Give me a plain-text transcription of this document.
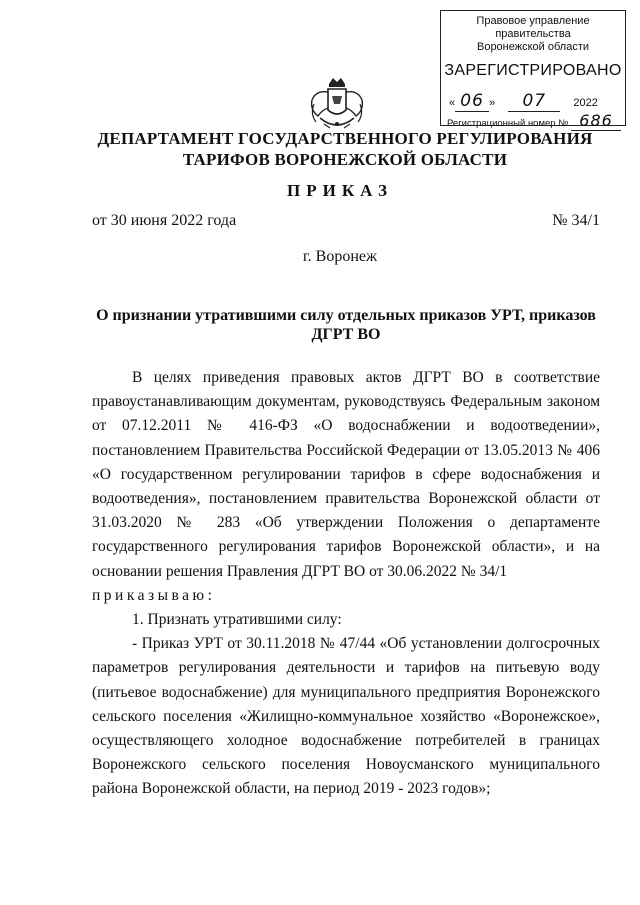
Правовое управление правительства
Воронежской области
ЗАРЕГИСТРИРОВАНО
« 06 » 07 2022
Регистрационный номер № 686
ДЕПАРТАМЕНТ ГОСУДАРСТВЕННОГО РЕГУЛИРОВАНИЯ ТАРИФОВ ВОРОНЕЖСКОЙ ОБЛАСТИ
ПРИКАЗ
от 30 июня 2022 года	№ 34/1
г. Воронеж
О признании утратившими силу отдельных приказов УРТ, приказов ДГРТ ВО

В целях приведения правовых актов ДГРТ ВО в соответствие правоустанавливающим документам, руководствуясь Федеральным законом от 07.12.2011 № 416-ФЗ «О водоснабжении и водоотведении», постановлением Правительства Российской Федерации от 13.05.2013 № 406 «О государственном регулировании тарифов в сфере водоснабжения и водоотведения», постановлением правительства Воронежской области от 31.03.2020 № 283 «Об утверждении Положения о департаменте государственного регулирования тарифов Воронежской области», и на основании решения Правления ДГРТ ВО от 30.06.2022 № 34/1

приказываю:

1. Признать утратившими силу:

- Приказ УРТ от 30.11.2018 № 47/44 «Об установлении долгосрочных параметров регулирования деятельности и тарифов на питьевую воду (питьевое водоснабжение) для муниципального предприятия Воронежского сельского поселения «Жилищно-коммунальное хозяйство «Воронежское», осуществляющего холодное водоснабжение потребителей в границах Воронежского сельского поселения Новоусманского муниципального района Воронежской области, на период 2019 - 2023 годов»;
